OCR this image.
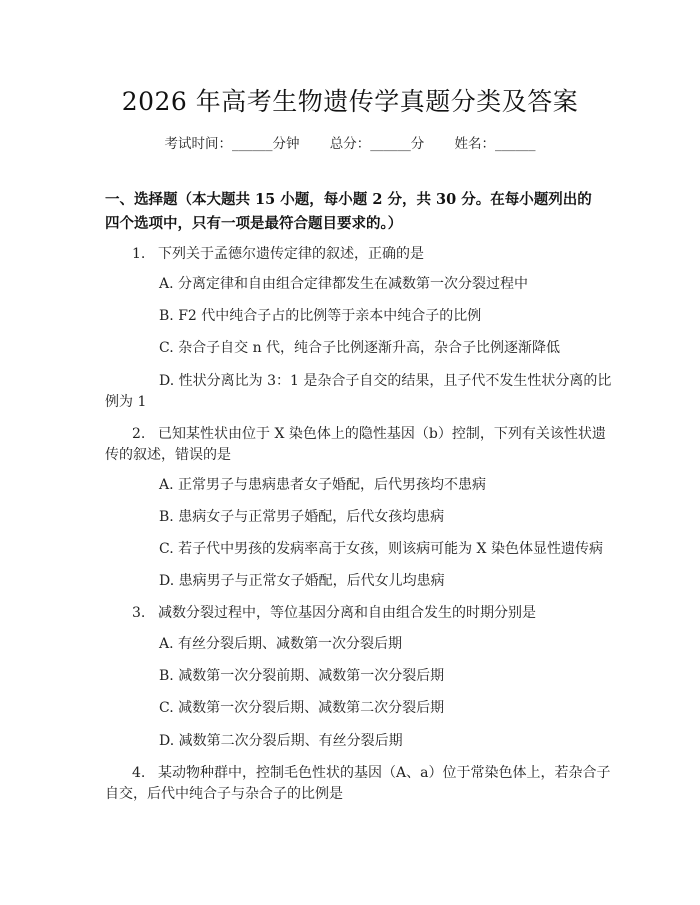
2026 年高考生物遗传学真题分类及答案
考试时间：______分钟 总分：______分 姓名：______
一、选择题（本大题共 15 小题，每小题 2 分，共 30 分。在每小题列出的四个选项中，只有一项是最符合题目要求的。）
1. 下列关于孟德尔遗传定律的叙述，正确的是
A. 分离定律和自由组合定律都发生在减数第一次分裂过程中
B. F2 代中纯合子占的比例等于亲本中纯合子的比例
C. 杂合子自交 n 代，纯合子比例逐渐升高，杂合子比例逐渐降低
D. 性状分离比为 3：1 是杂合子自交的结果，且子代不发生性状分离的比
例为 1
2. 已知某性状由位于 X 染色体上的隐性基因（b）控制，下列有关该性状遗
传的叙述，错误的是
A. 正常男子与患病患者女子婚配，后代男孩均不患病
B. 患病女子与正常男子婚配，后代女孩均患病
C. 若子代中男孩的发病率高于女孩，则该病可能为 X 染色体显性遗传病
D. 患病男子与正常女子婚配，后代女儿均患病
3. 减数分裂过程中，等位基因分离和自由组合发生的时期分别是
A. 有丝分裂后期、减数第一次分裂后期
B. 减数第一次分裂前期、减数第一次分裂后期
C. 减数第一次分裂后期、减数第二次分裂后期
D. 减数第二次分裂后期、有丝分裂后期
4. 某动物种群中，控制毛色性状的基因（A、a）位于常染色体上，若杂合子
自交，后代中纯合子与杂合子的比例是
